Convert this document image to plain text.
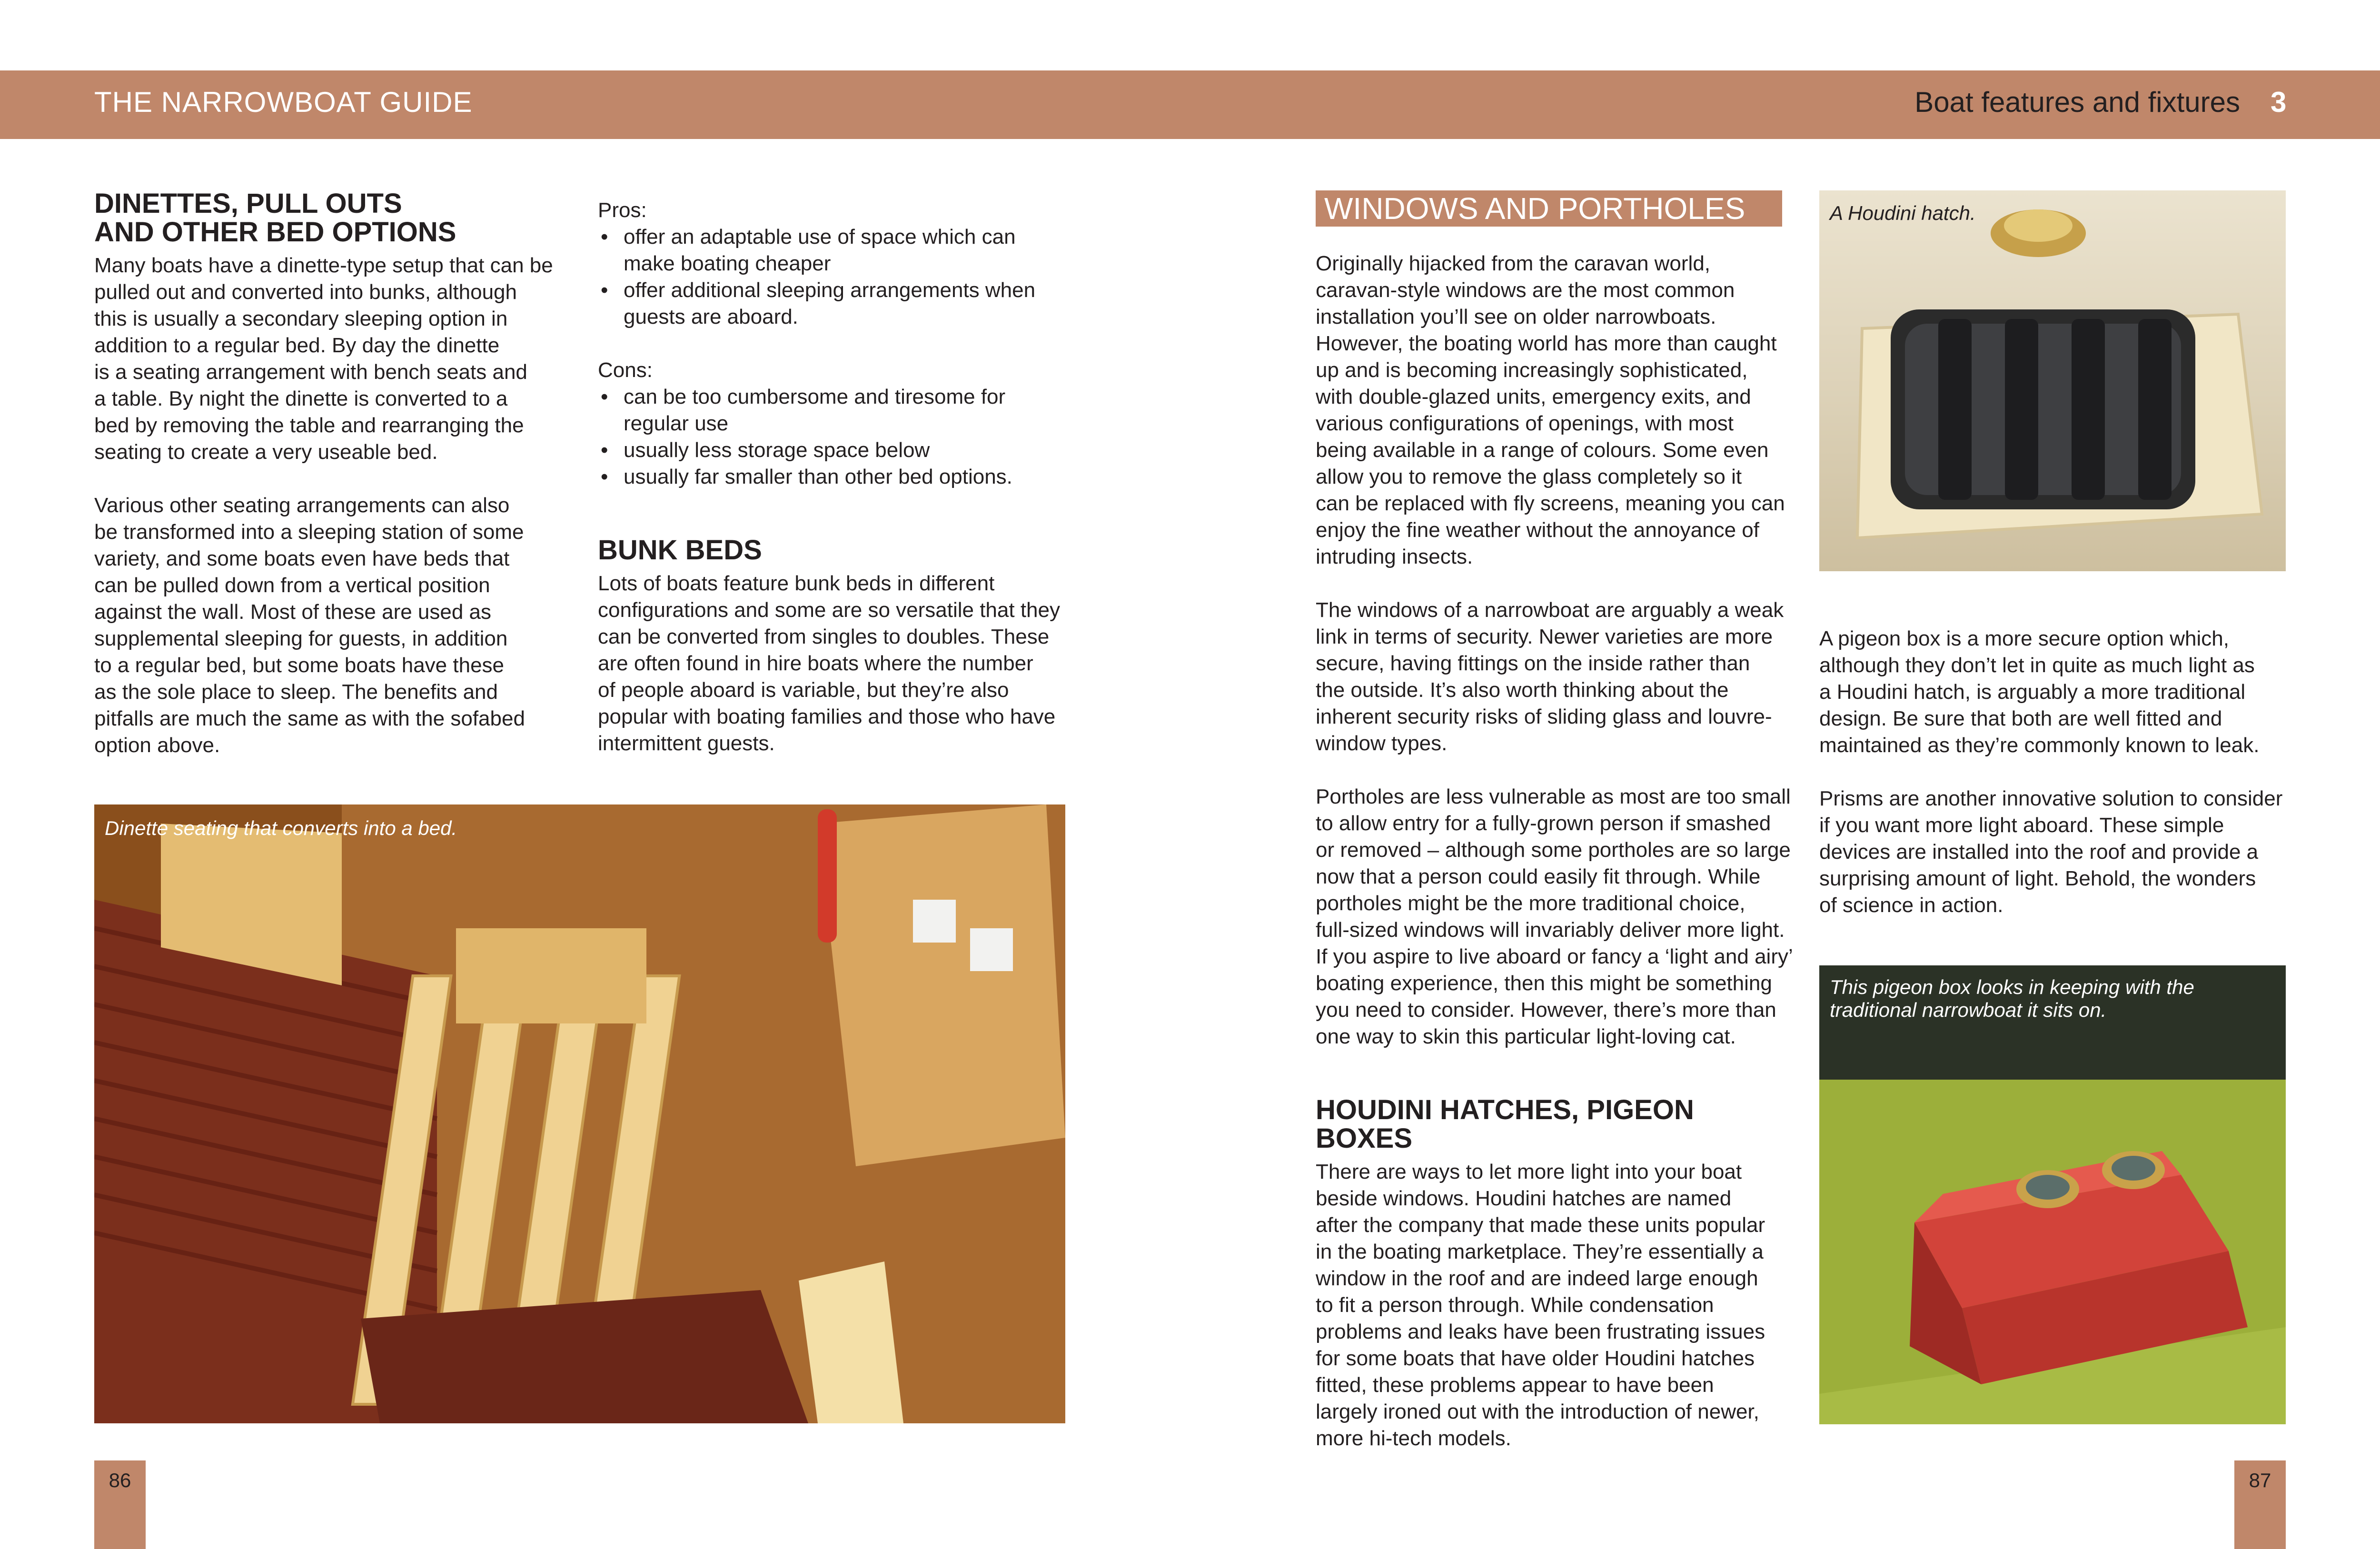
THE NARROWBOAT GUIDE	Boat features and fixtures 3
DINETTES, PULL OUTS
AND OTHER BED OPTIONS
Many boats have a dinette-type setup that can be
pulled out and converted into bunks, although
this is usually a secondary sleeping option in
addition to a regular bed. By day the dinette
is a seating arrangement with bench seats and
a table. By night the dinette is converted to a
bed by removing the table and rearranging the
seating to create a very useable bed.
Various other seating arrangements can also
be transformed into a sleeping station of some
variety, and some boats even have beds that
can be pulled down from a vertical position
against the wall. Most of these are used as
supplemental sleeping for guests, in addition
to a regular bed, but some boats have these
as the sole place to sleep. The benefits and
pitfalls are much the same as with the sofabed
option above.
Pros:
• offer an adaptable use of space which can
make boating cheaper
• offer additional sleeping arrangements when
guests are aboard.
Cons:
• can be too cumbersome and tiresome for
regular use
• usually less storage space below
• usually far smaller than other bed options.
BUNK BEDS
Lots of boats feature bunk beds in different
configurations and some are so versatile that they
can be converted from singles to doubles. These
are often found in hire boats where the number
of people aboard is variable, but they’re also
popular with boating families and those who have
intermittent guests.
Dinette seating that converts into a bed.
WINDOWS AND PORTHOLES
Originally hijacked from the caravan world,
caravan-style windows are the most common
installation you’ll see on older narrowboats.
However, the boating world has more than caught
up and is becoming increasingly sophisticated,
with double-glazed units, emergency exits, and
various configurations of openings, with most
being available in a range of colours. Some even
allow you to remove the glass completely so it
can be replaced with fly screens, meaning you can
enjoy the fine weather without the annoyance of
intruding insects.
The windows of a narrowboat are arguably a weak
link in terms of security. Newer varieties are more
secure, having fittings on the inside rather than
the outside. It’s also worth thinking about the
inherent security risks of sliding glass and louvre-
window types.
Portholes are less vulnerable as most are too small
to allow entry for a fully-grown person if smashed
or removed – although some portholes are so large
now that a person could easily fit through. While
portholes might be the more traditional choice,
full-sized windows will invariably deliver more light.
If you aspire to live aboard or fancy a ‘light and airy’
boating experience, then this might be something
you need to consider. However, there’s more than
one way to skin this particular light-loving cat.
HOUDINI HATCHES, PIGEON BOXES
There are ways to let more light into your boat
beside windows. Houdini hatches are named
after the company that made these units popular
in the boating marketplace. They’re essentially a
window in the roof and are indeed large enough
to fit a person through. While condensation
problems and leaks have been frustrating issues
for some boats that have older Houdini hatches
fitted, these problems appear to have been
largely ironed out with the introduction of newer,
more hi-tech models.
A Houdini hatch.
A pigeon box is a more secure option which,
although they don’t let in quite as much light as
a Houdini hatch, is arguably a more traditional
design. Be sure that both are well fitted and
maintained as they’re commonly known to leak.
Prisms are another innovative solution to consider
if you want more light aboard. These simple
devices are installed into the roof and provide a
surprising amount of light. Behold, the wonders
of science in action.
This pigeon box looks in keeping with the
traditional narrowboat it sits on.
86	87
